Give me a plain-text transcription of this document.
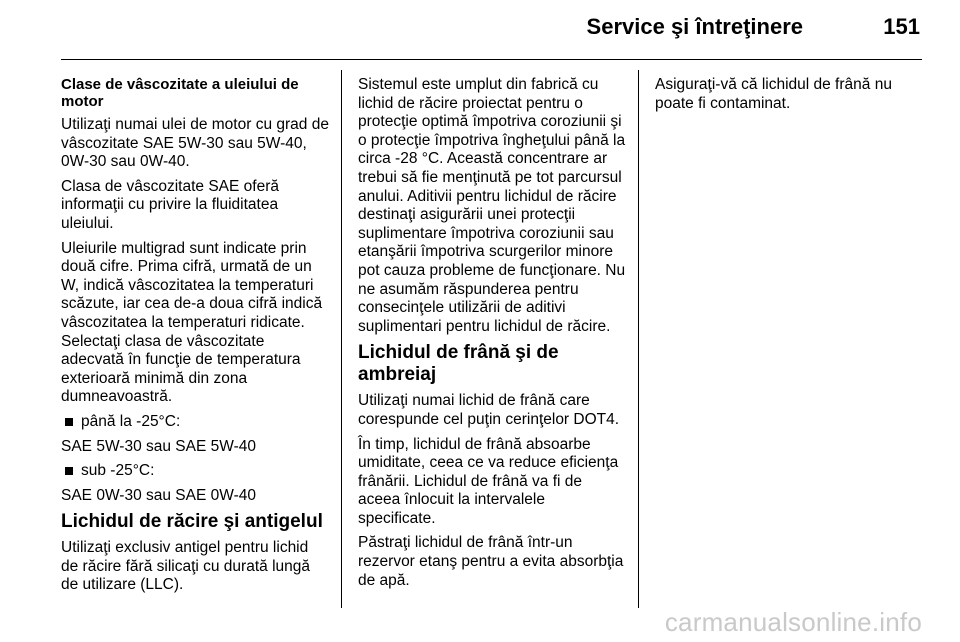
Service şi întreţinere	151

Clase de vâscozitate a uleiului de motor

Utilizaţi numai ulei de motor cu grad de vâscozitate SAE 5W-30 sau 5W-40, 0W-30 sau 0W-40.

Clasa de vâscozitate SAE oferă informaţii cu privire la fluiditatea uleiului.

Uleiurile multigrad sunt indicate prin două cifre. Prima cifră, urmată de un W, indică vâscozitatea la temperaturi scăzute, iar cea de-a doua cifră indică vâscozitatea la temperaturi ridicate. Selectaţi clasa de vâscozitate adecvată în funcţie de temperatura exterioară minimă din zona dumneavoastră.

până la -25°C:

SAE 5W-30 sau SAE 5W-40

sub -25°C:

SAE 0W-30 sau SAE 0W-40

Lichidul de răcire şi antigelul

Utilizaţi exclusiv antigel pentru lichid de răcire fără silicaţi cu durată lungă de utilizare (LLC).

Sistemul este umplut din fabrică cu lichid de răcire proiectat pentru o protecţie optimă împotriva coroziunii şi o protecţie împotriva îngheţului până la circa -28 °C. Această concentrare ar trebui să fie menţinută pe tot parcursul anului. Aditivii pentru lichidul de răcire destinaţi asigurării unei protecţii suplimentare împotriva coroziunii sau etanşării împotriva scurgerilor minore pot cauza probleme de funcţionare. Nu ne asumăm răspunderea pentru consecinţele utilizării de aditivi suplimentari pentru lichidul de răcire.

Lichidul de frână şi de ambreiaj

Utilizaţi numai lichid de frână care corespunde cel puţin cerinţelor DOT4.

În timp, lichidul de frână absoarbe umiditate, ceea ce va reduce eficienţa frânării. Lichidul de frână va fi de aceea înlocuit la intervalele specificate.

Păstraţi lichidul de frână într-un rezervor etanş pentru a evita absorbţia de apă.

Asiguraţi-vă că lichidul de frână nu poate fi contaminat.

carmanualsonline.info
